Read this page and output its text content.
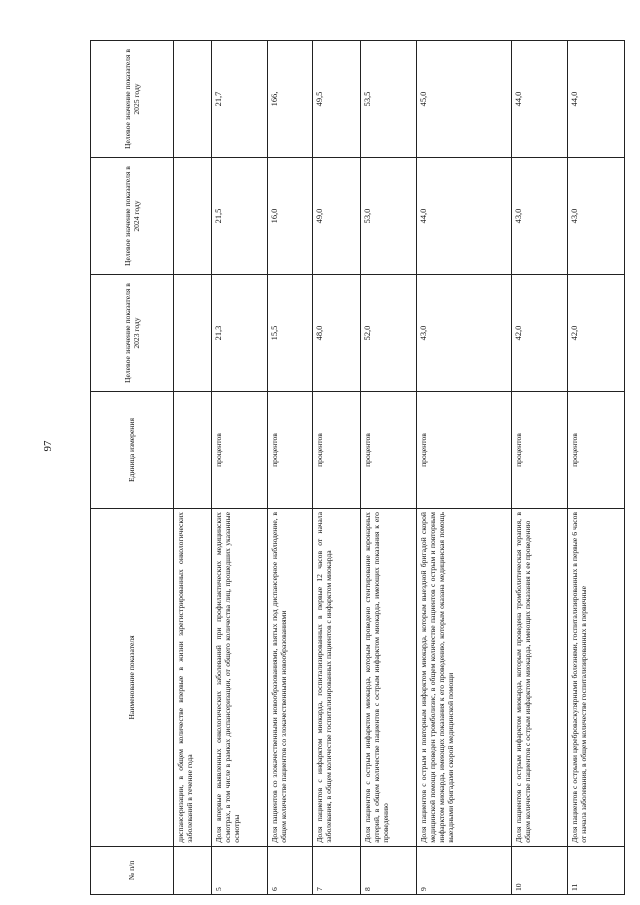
97
№ п/п	Наименование показателя	Единица измерения	Целевое значение показателя в 2023 году	Целевое значение показателя в 2024 году	Целевое значение показателя в 2025 году
	диспансеризации, в общем количестве впервые в жизни зарегистрированных онкологических заболеваний в течение года				
5	Доля впервые выявленных онкологических заболеваний при профилактических медицинских осмотрах, в том числе в рамках диспансеризации, от общего количества лиц, прошедших указанные осмотры	процентов	21,3	21,5	21,7
6	Доля пациентов со злокачественными новообразованиями, взятых под диспансерное наблюдение, в общем количестве пациентов со злокачественными новообразованиями	процентов	15,5	16,0	166,
7	Доля пациентов с инфарктом миокарда, госпитализированных в первые 12 часов от начала заболевания, в общем количестве госпитализированных пациентов с инфарктом миокарда	процентов	48,0	49,0	49,5
8	Доля пациентов с острым инфарктом миокарда, которым проведено стентирование коронарных артерий, в общем количестве пациентов с острым инфарктом миокарда, имеющих показания к его проведению	процентов	52,0	53,0	53,5
9	Доля пациентов с острым и повторным инфарктом миокарда, которым выездной бригадой скорой медицинской помощи проведен тромболизис, в общем количестве пациентов с острым и повторным инфарктом миокарда, имеющих показания к его проведению, которым оказана медицинская помощь выездными бригадами скорой медицинской помощи	процентов	43,0	44,0	45,0
10	Доля пациентов с острым инфарктом миокарда, которым проведена тромболитическая терапия, в общем количестве пациентов с острым инфарктом миокарда, имеющих показания к ее проведению	процентов	42,0	43,0	44,0
11	Доля пациентов с острыми цереброваскулярными болезнями, госпитализированных в первые 6 часов от начала заболевания, в общем количестве госпитализированных в первичные	процентов	42,0	43,0	44,0
